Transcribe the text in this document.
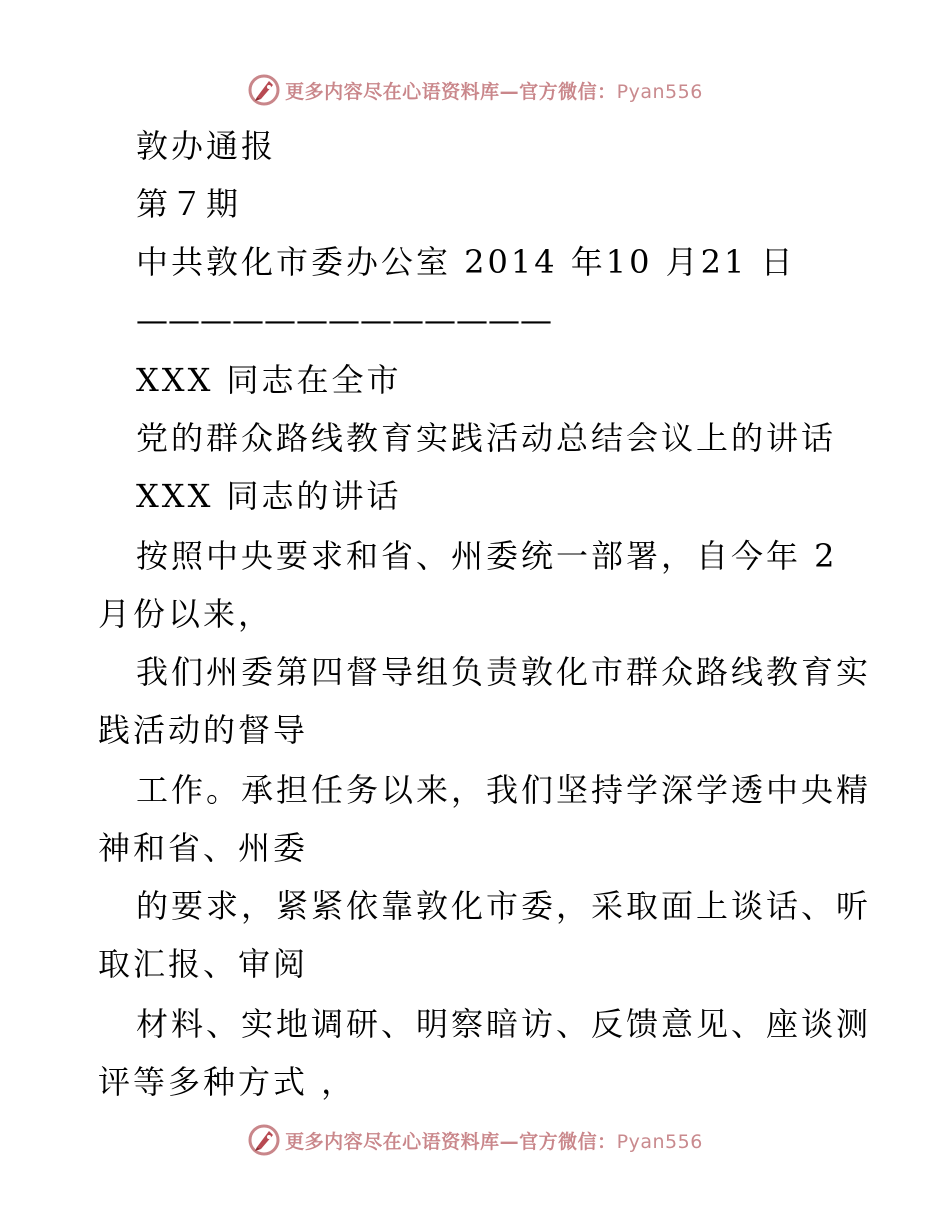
更多内容尽在心语资料库—官方微信：Pyan556
敦办通报
第７期
中共敦化市委办公室 2014 年10 月21 日
—————————————
XXX 同志在全市
党的群众路线教育实践活动总结会议上的讲话
XXX 同志的讲话
按照中央要求和省、州委统一部署，自今年 2
月份以来，
我们州委第四督导组负责敦化市群众路线教育实
践活动的督导
工作。承担任务以来，我们坚持学深学透中央精
神和省、州委
的要求，紧紧依靠敦化市委，采取面上谈话、听
取汇报、审阅
材料、实地调研、明察暗访、反馈意见、座谈测
评等多种方式 ，
更多内容尽在心语资料库—官方微信：Pyan556
